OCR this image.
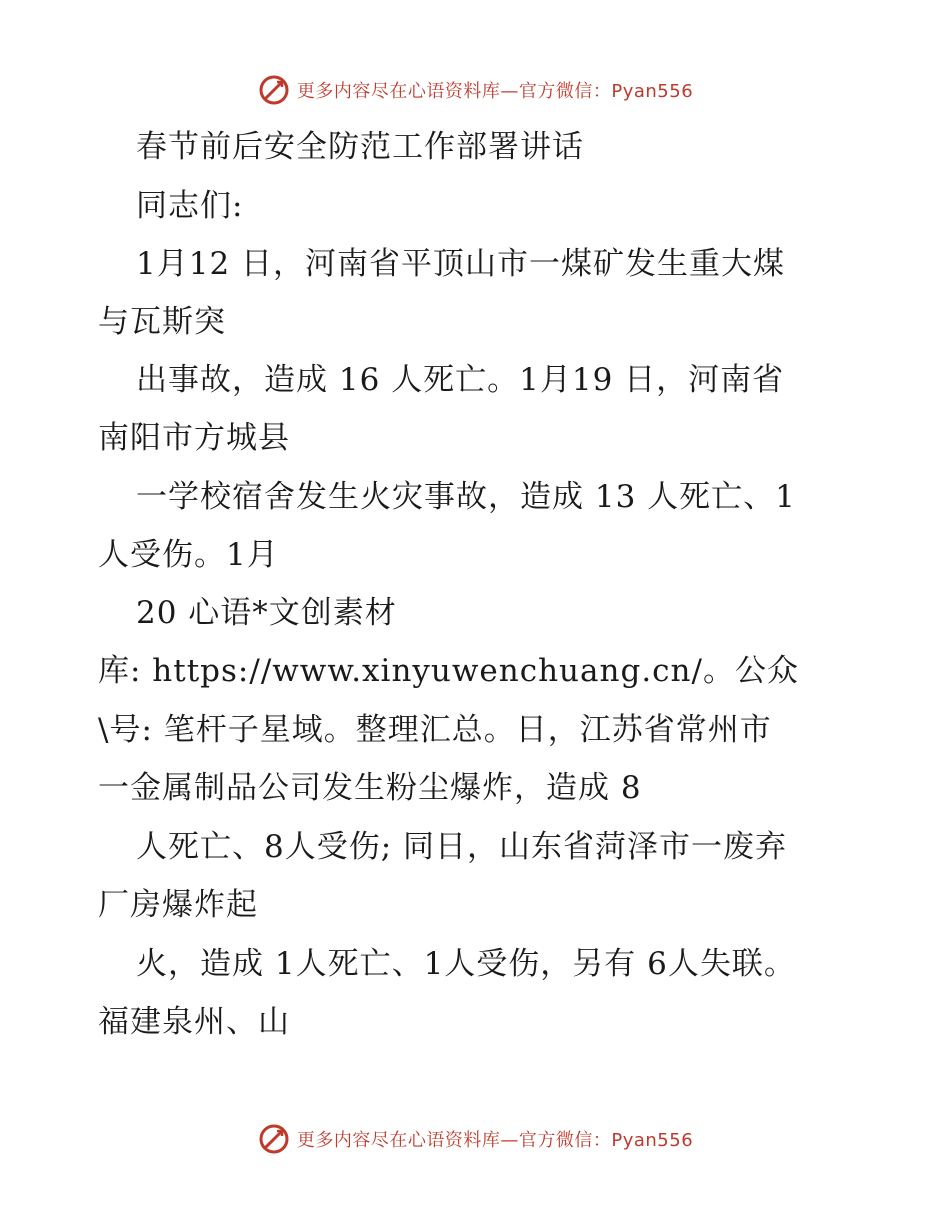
更多内容尽在心语资料库—官方微信：Pyan556
春节前后安全防范工作部署讲话
同志们:
1月12 日，河南省平顶山市一煤矿发生重大煤
与瓦斯突
出事故，造成 16 人死亡。1月19 日，河南省
南阳市方城县
一学校宿舍发生火灾事故，造成 13 人死亡、1
人受伤。1月
20 心语*文创素材
库: https://www.xinyuwenchuang.cn/。公众
\号: 笔杆子星域。整理汇总。日，江苏省常州市
一金属制品公司发生粉尘爆炸，造成 8
人死亡、8人受伤; 同日，山东省菏泽市一废弃
厂房爆炸起
火，造成 1人死亡、1人受伤，另有 6人失联。
福建泉州、山
更多内容尽在心语资料库—官方微信：Pyan556
